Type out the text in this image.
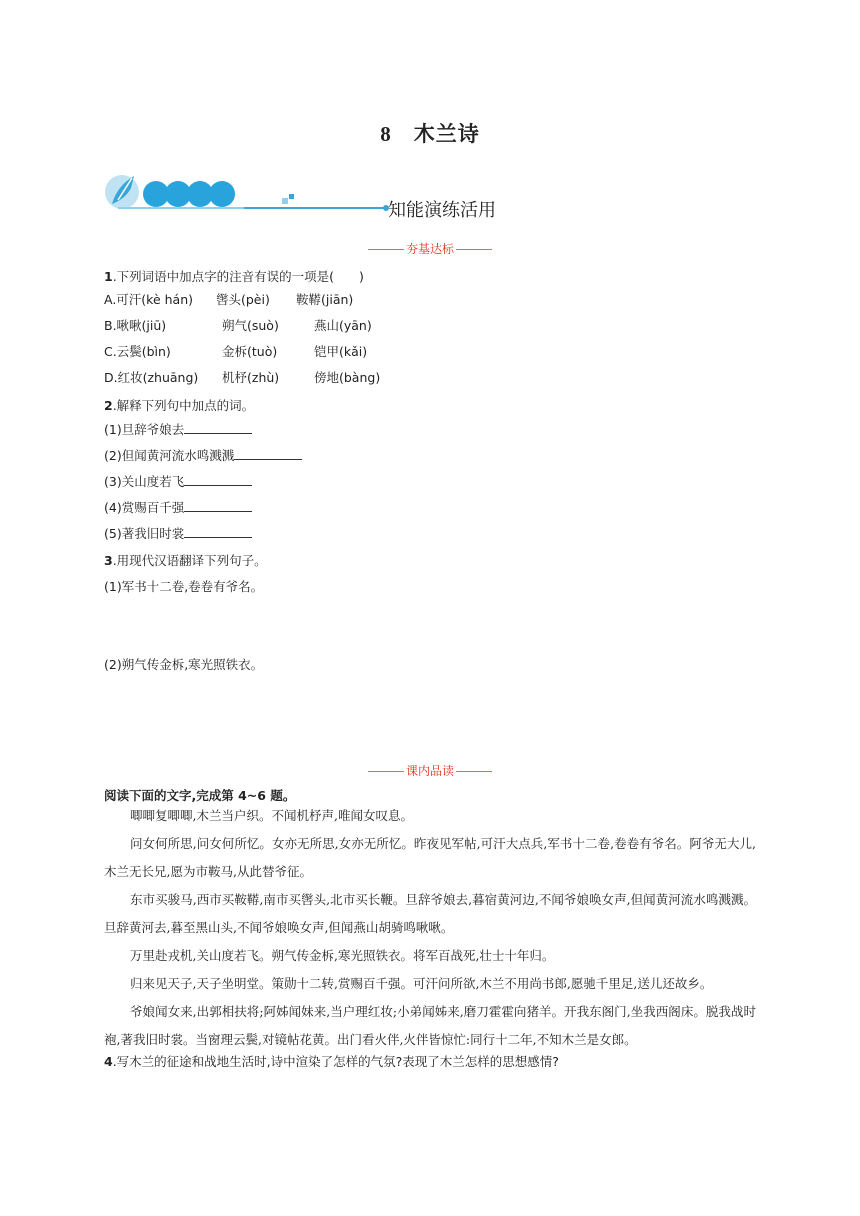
8 木兰诗
知能演练活用
夯基达标
1.下列词语中加点字的注音有误的一项是(　　)
A.可汗(kè hán) 辔头(pèi) 鞍鞯(jiān)
B.啾啾(jiū)	朔气(suò)	燕山(yān)
C.云鬓(bìn)	金柝(tuò)	铠甲(kǎi)
D.红妆(zhuāng) 机杼(zhù)	傍地(bàng)
2.解释下列句中加点的词。
(1)旦辞爷娘去
(2)但闻黄河流水鸣溅溅
(3)关山度若飞
(4)赏赐百千强
(5)著我旧时裳
3.用现代汉语翻译下列句子。
(1)军书十二卷,卷卷有爷名。
(2)朔气传金柝,寒光照铁衣。
课内品读
阅读下面的文字,完成第 4~6 题。

唧唧复唧唧,木兰当户织。不闻机杼声,唯闻女叹息。

问女何所思,问女何所忆。女亦无所思,女亦无所忆。昨夜见军帖,可汗大点兵,军书十二卷,卷卷有爷名。阿爷无大儿,木兰无长兄,愿为市鞍马,从此替爷征。

东市买骏马,西市买鞍鞯,南市买辔头,北市买长鞭。旦辞爷娘去,暮宿黄河边,不闻爷娘唤女声,但闻黄河流水鸣溅溅。旦辞黄河去,暮至黑山头,不闻爷娘唤女声,但闻燕山胡骑鸣啾啾。

万里赴戎机,关山度若飞。朔气传金柝,寒光照铁衣。将军百战死,壮士十年归。

归来见天子,天子坐明堂。策勋十二转,赏赐百千强。可汗问所欲,木兰不用尚书郎,愿驰千里足,送儿还故乡。

爷娘闻女来,出郭相扶将;阿姊闻妹来,当户理红妆;小弟闻姊来,磨刀霍霍向猪羊。开我东阁门,坐我西阁床。脱我战时袍,著我旧时裳。当窗理云鬓,对镜帖花黄。出门看火伴,火伴皆惊忙:同行十二年,不知木兰是女郎。

4.写木兰的征途和战地生活时,诗中渲染了怎样的气氛?表现了木兰怎样的思想感情?
